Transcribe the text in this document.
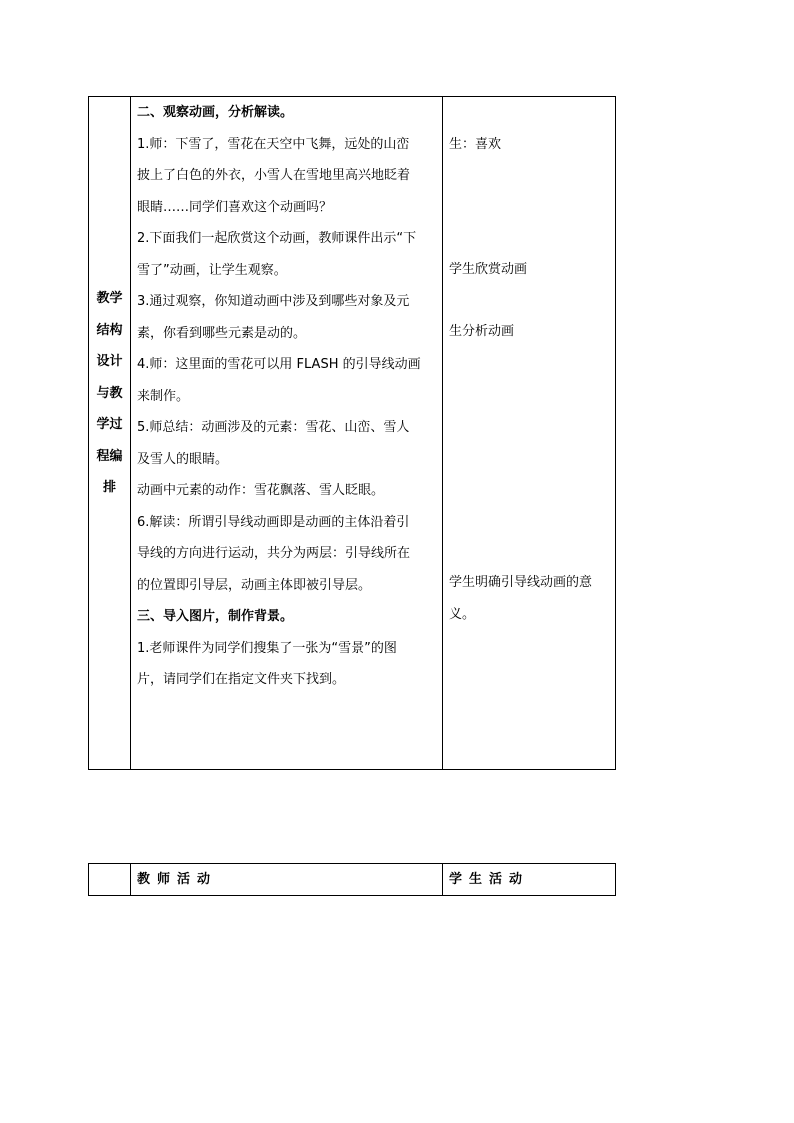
教学
结构
设计
与教
学过
程编
排
二、观察动画，分析解读。
1.师：下雪了，雪花在天空中飞舞，远处的山峦
披上了白色的外衣，小雪人在雪地里高兴地眨着
眼睛……同学们喜欢这个动画吗？
2.下面我们一起欣赏这个动画，教师课件出示“下
雪了”动画，让学生观察。
3.通过观察，你知道动画中涉及到哪些对象及元
素，你看到哪些元素是动的。
4.师：这里面的雪花可以用 FLASH 的引导线动画
来制作。
5.师总结：动画涉及的元素：雪花、山峦、雪人
及雪人的眼睛。
动画中元素的动作：雪花飘落、雪人眨眼。
6.解读：所谓引导线动画即是动画的主体沿着引
导线的方向进行运动，共分为两层：引导线所在
的位置即引导层，动画主体即被引导层。
三、导入图片，制作背景。
1.老师课件为同学们搜集了一张为“雪景”的图
片，请同学们在指定文件夹下找到。
生：喜欢
学生欣赏动画
生分析动画
学生明确引导线动画的意
义。
教师活动	学生活动
